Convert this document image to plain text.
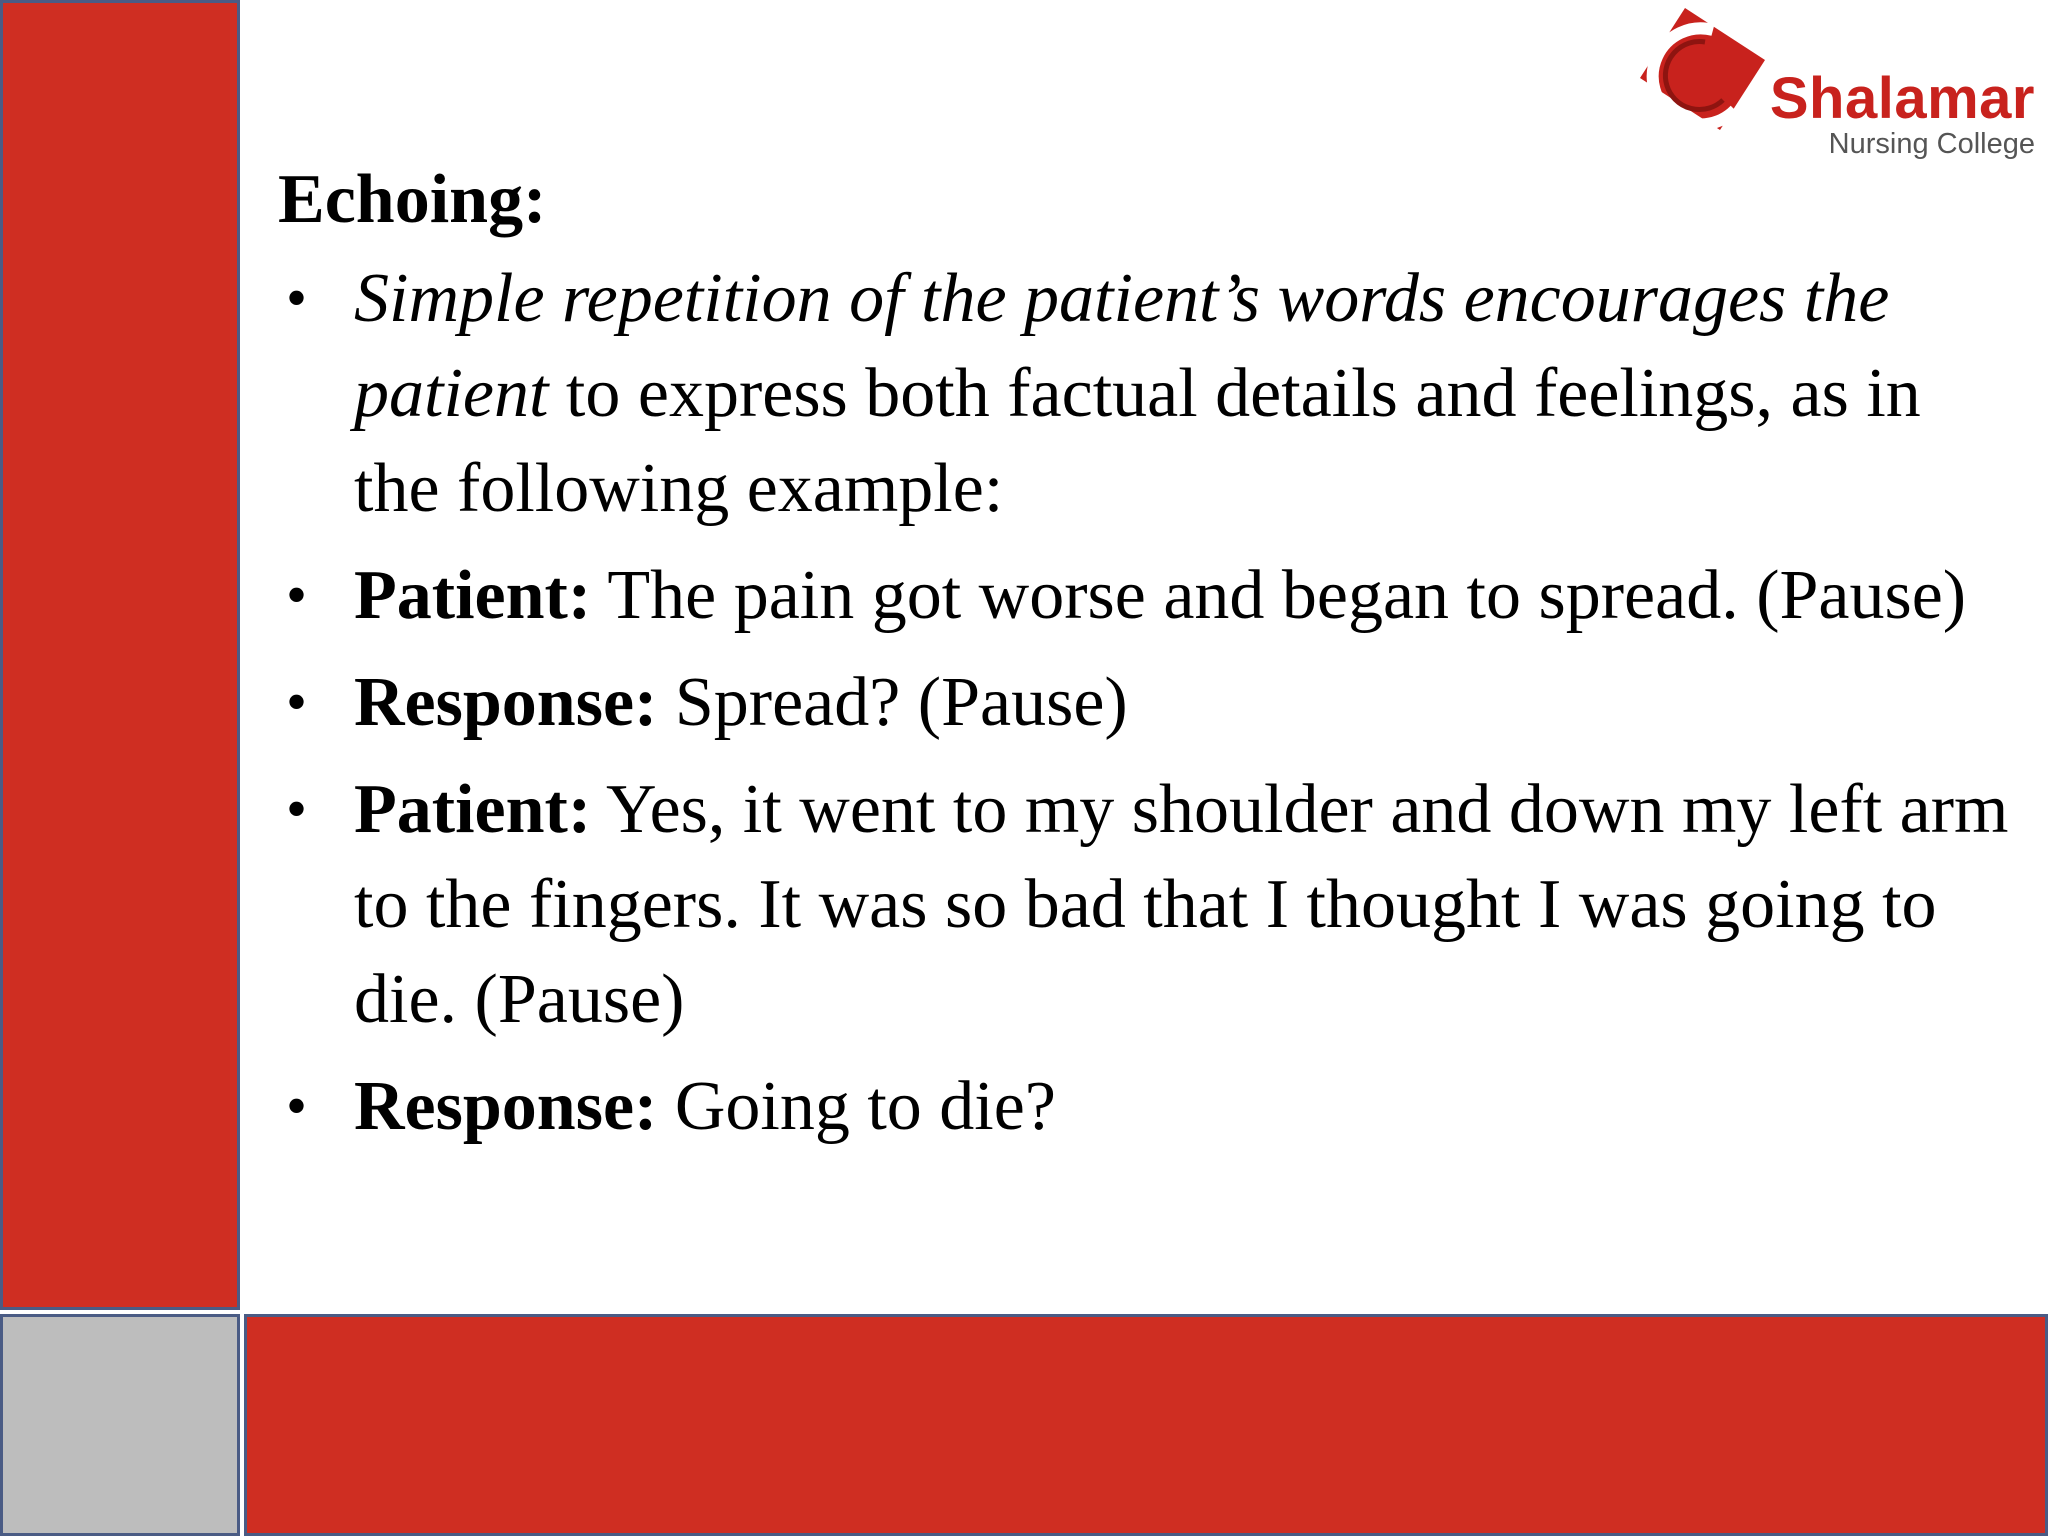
Shalamar
Nursing College
Echoing:
• Simple repetition of the patient’s words encourages the patient to express both factual details and feelings, as in the following example:
• Patient: The pain got worse and began to spread. (Pause)
• Response: Spread? (Pause)
• Patient: Yes, it went to my shoulder and down my left arm to the fingers. It was so bad that I thought I was going to die. (Pause)
• Response: Going to die?
